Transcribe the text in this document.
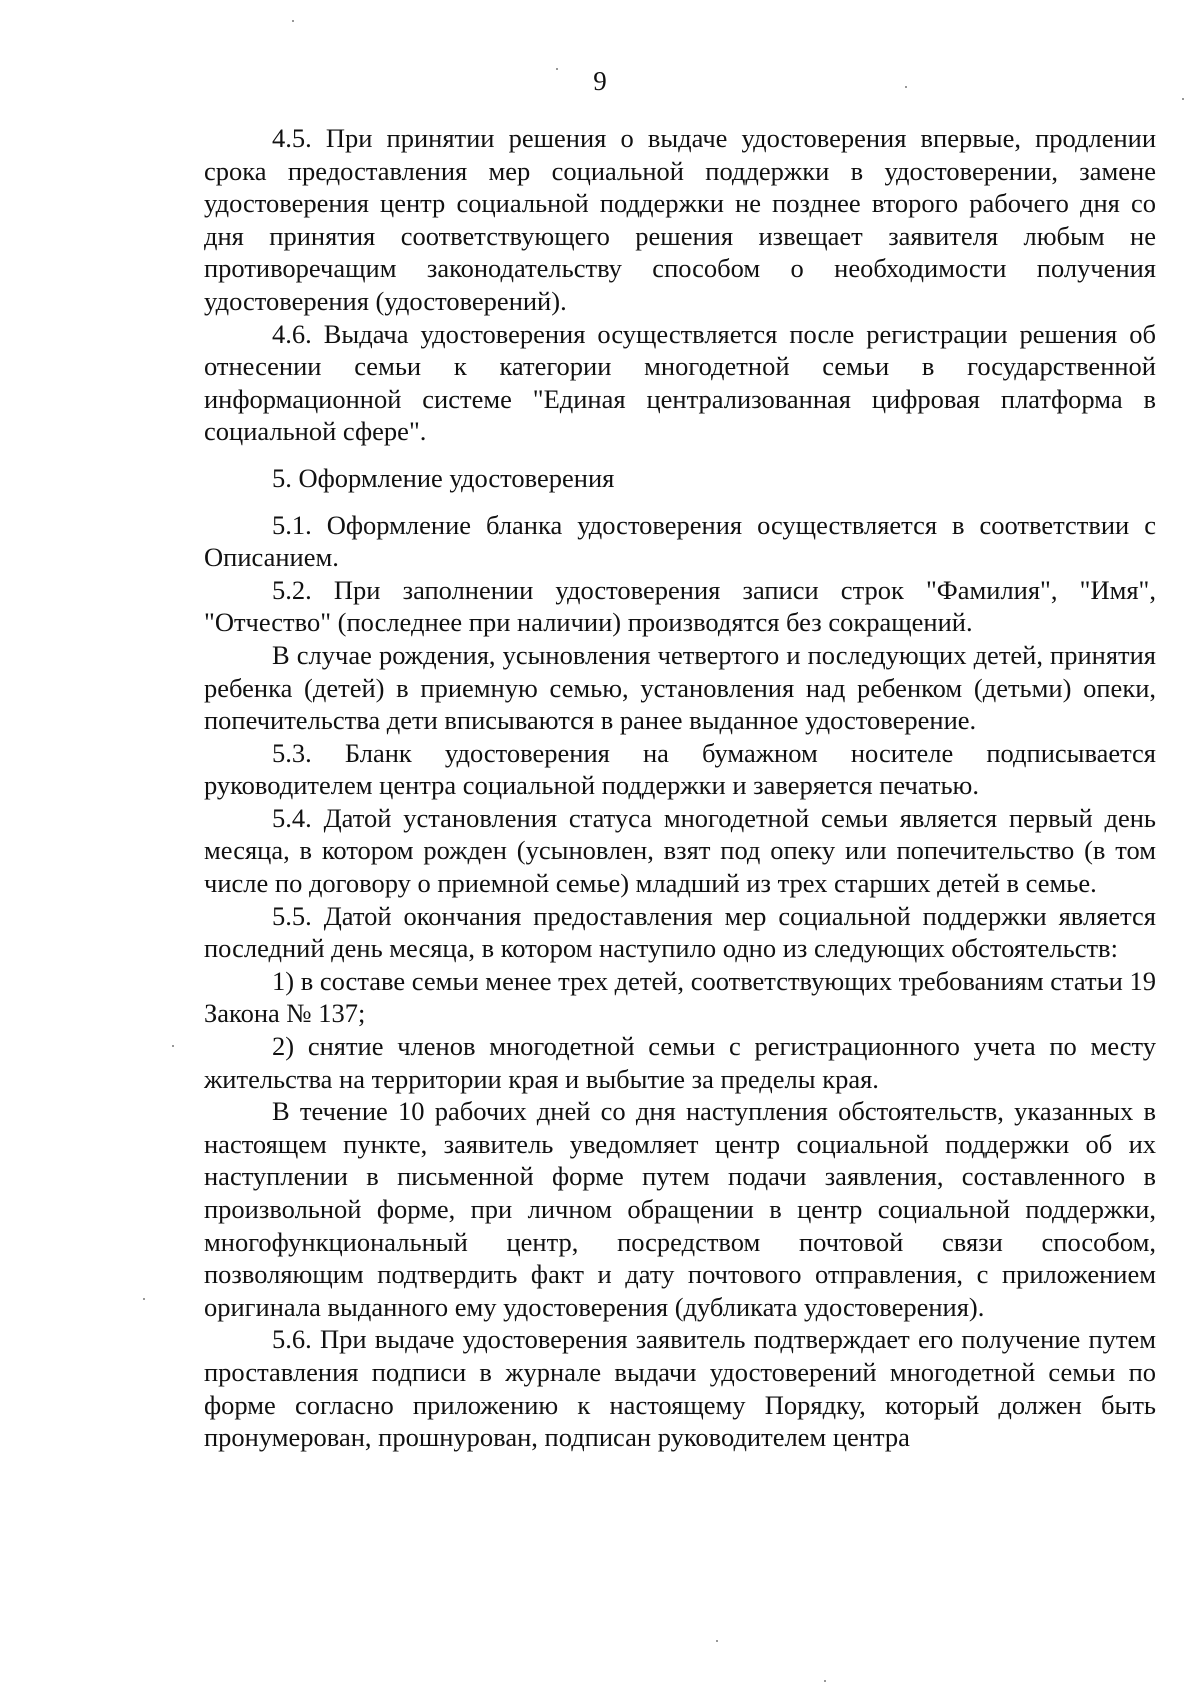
9

4.5. При принятии решения о выдаче удостоверения впервые, продлении срока предоставления мер социальной поддержки в удостоверении, замене удостоверения центр социальной поддержки не позднее второго рабочего дня со дня принятия соответствующего решения извещает заявителя любым не противоречащим законодательству способом о необходимости получения удостоверения (удостоверений).

4.6. Выдача удостоверения осуществляется после регистрации решения об отнесении семьи к категории многодетной семьи в государственной информационной системе "Единая централизованная цифровая платформа в социальной сфере".

5. Оформление удостоверения

5.1. Оформление бланка удостоверения осуществляется в соответствии с Описанием.

5.2. При заполнении удостоверения записи строк "Фамилия", "Имя", "Отчество" (последнее при наличии) производятся без сокращений.

В случае рождения, усыновления четвертого и последующих детей, принятия ребенка (детей) в приемную семью, установления над ребенком (детьми) опеки, попечительства дети вписываются в ранее выданное удостоверение.

5.3. Бланк удостоверения на бумажном носителе подписывается руководителем центра социальной поддержки и заверяется печатью.

5.4. Датой установления статуса многодетной семьи является первый день месяца, в котором рожден (усыновлен, взят под опеку или попечительство (в том числе по договору о приемной семье) младший из трех старших детей в семье.

5.5. Датой окончания предоставления мер социальной поддержки является последний день месяца, в котором наступило одно из следующих обстоятельств:

1) в составе семьи менее трех детей, соответствующих требованиям статьи 19 Закона № 137;

2) снятие членов многодетной семьи с регистрационного учета по месту жительства на территории края и выбытие за пределы края.

В течение 10 рабочих дней со дня наступления обстоятельств, указанных в настоящем пункте, заявитель уведомляет центр социальной поддержки об их наступлении в письменной форме путем подачи заявления, составленного в произвольной форме, при личном обращении в центр социальной поддержки, многофункциональный центр, посредством почтовой связи способом, позволяющим подтвердить факт и дату почтового отправления, с приложением оригинала выданного ему удостоверения (дубликата удостоверения).

5.6. При выдаче удостоверения заявитель подтверждает его получение путем проставления подписи в журнале выдачи удостоверений многодетной семьи по форме согласно приложению к настоящему Порядку, который должен быть пронумерован, прошнурован, подписан руководителем центра
